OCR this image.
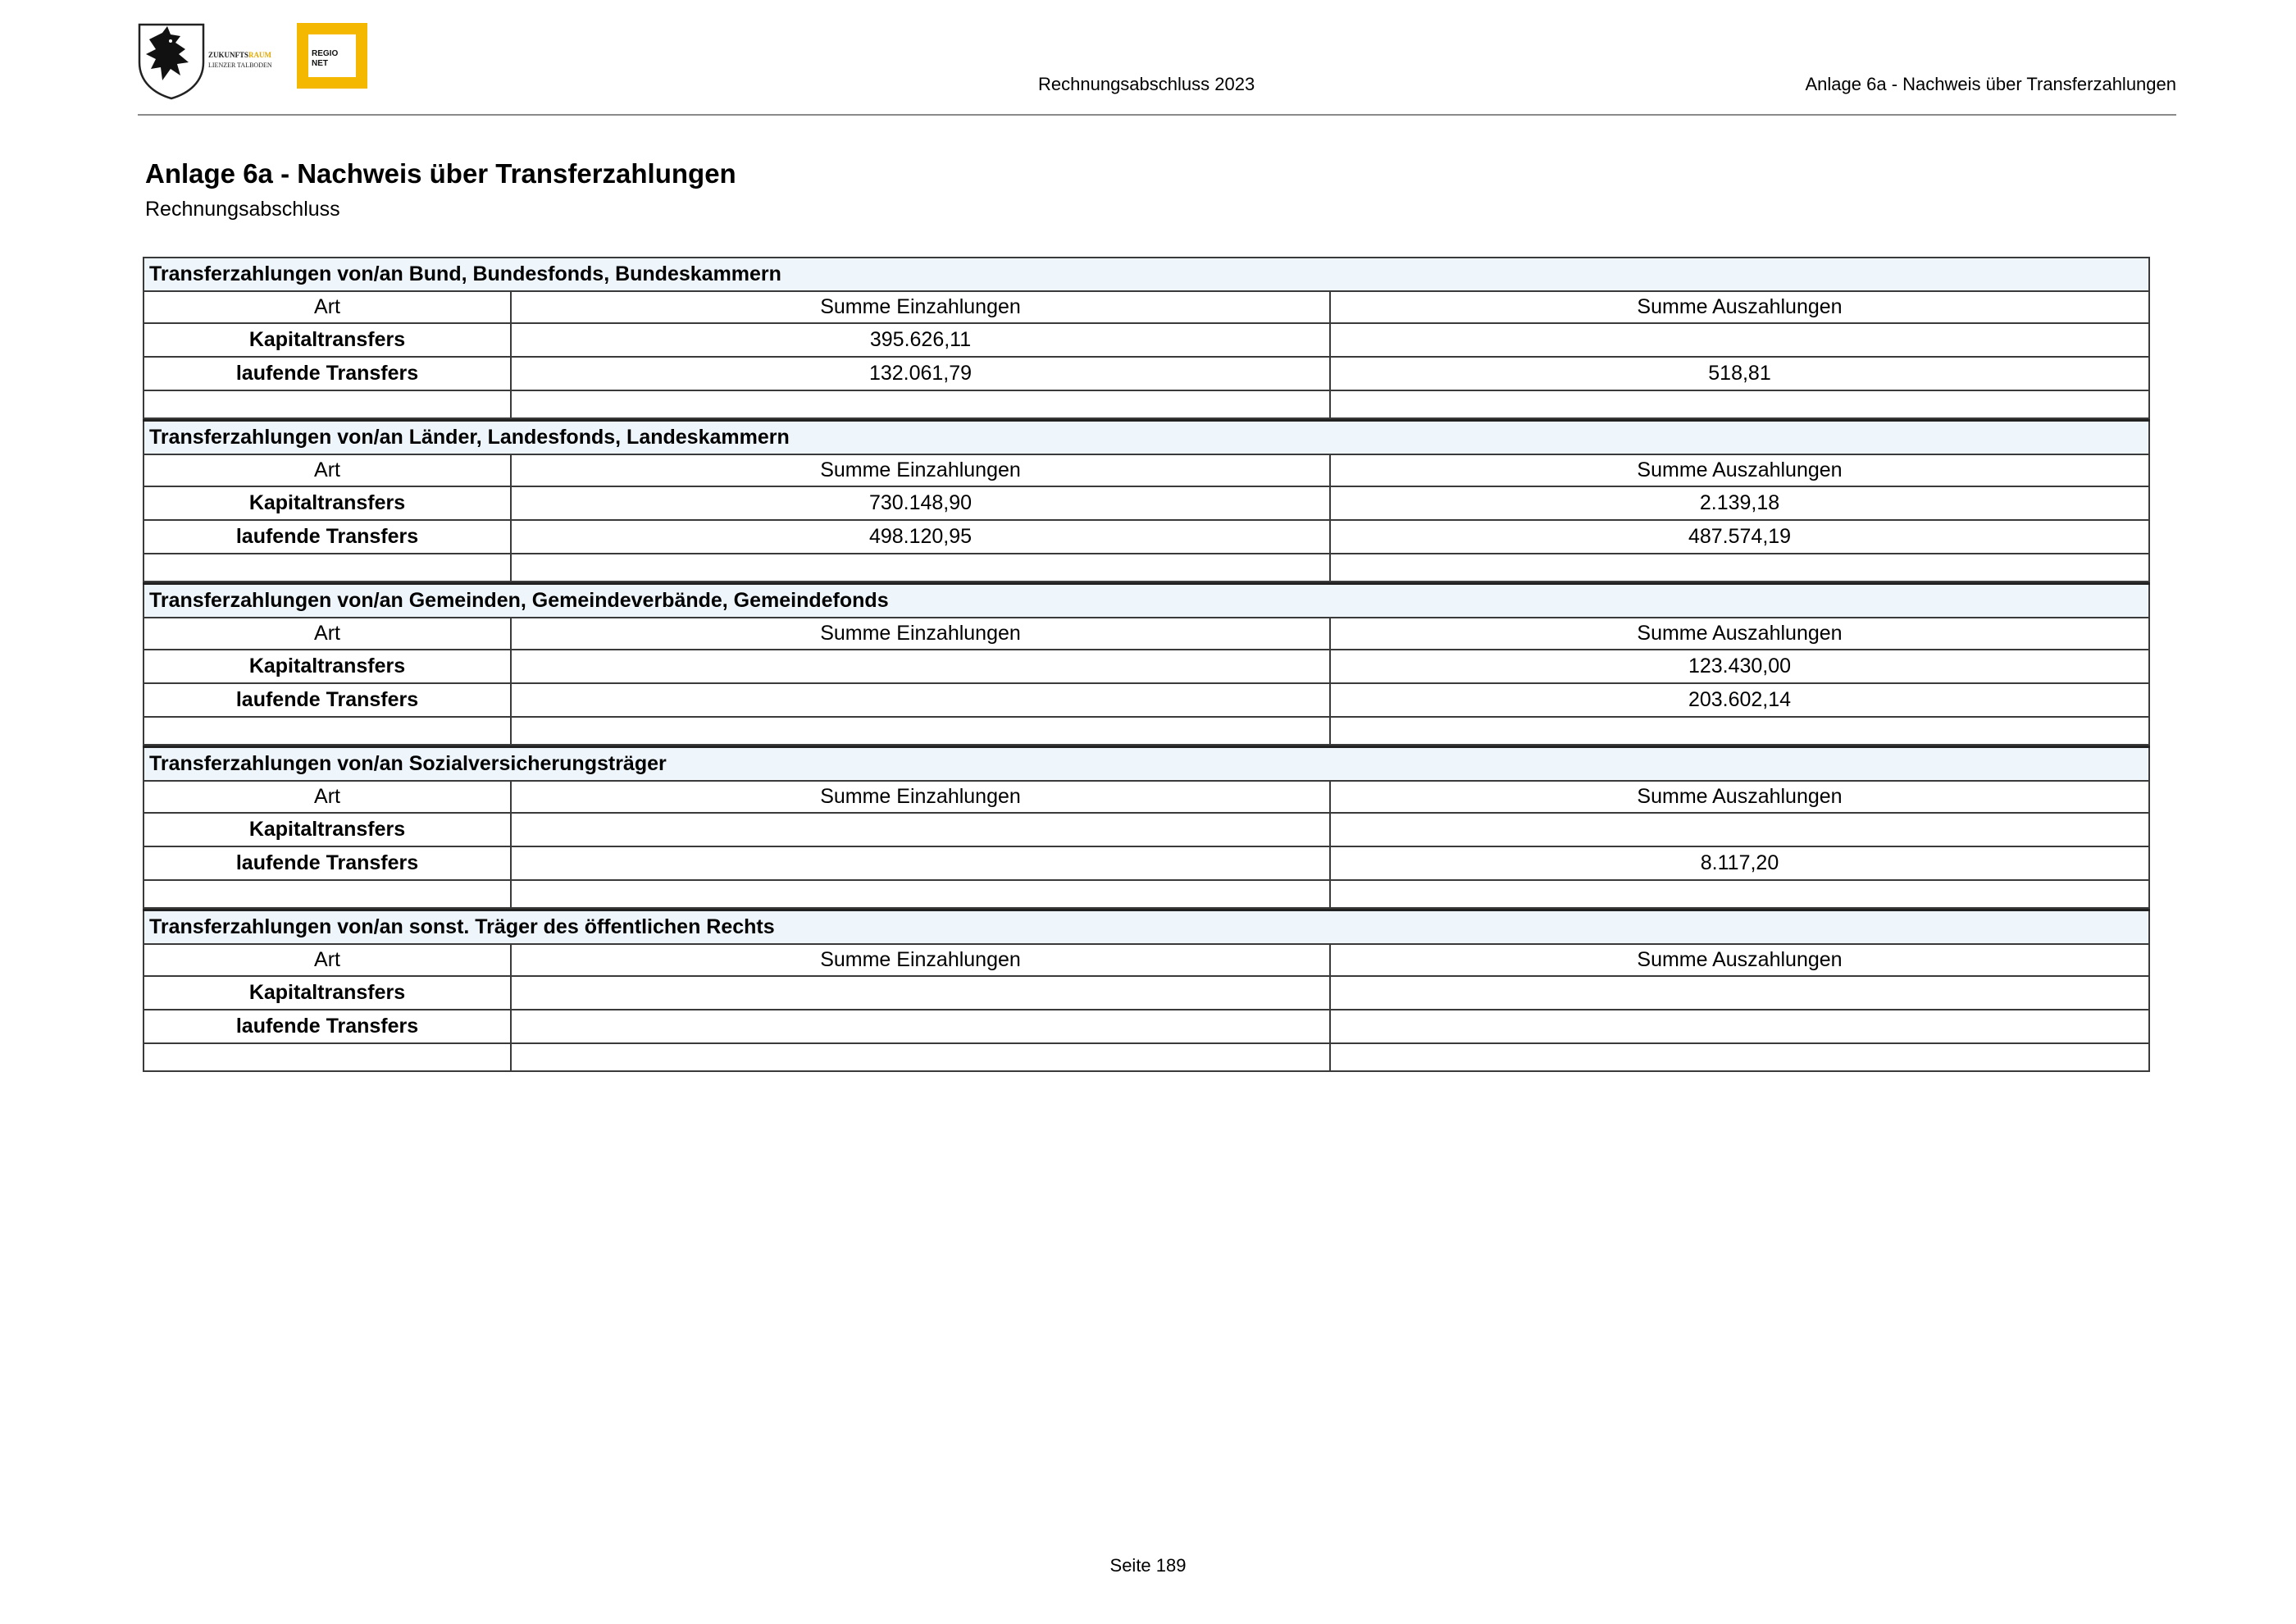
ZUKUNFTSRAUM
LIENZER TALBODEN
REGIO
NET
Rechnungsabschluss 2023	Anlage 6a - Nachweis über Transferzahlungen
Anlage 6a - Nachweis über Transferzahlungen
Rechnungsabschluss
Transferzahlungen von/an Bund, Bundesfonds, Bundeskammern		
Art	Summe Einzahlungen	Summe Auszahlungen
Kapitaltransfers	395.626,11	
laufende Transfers	132.061,79	518,81

Transferzahlungen von/an Länder, Landesfonds, Landeskammern		
Art	Summe Einzahlungen	Summe Auszahlungen
Kapitaltransfers	730.148,90	2.139,18
laufende Transfers	498.120,95	487.574,19

Transferzahlungen von/an Gemeinden, Gemeindeverbände, Gemeindefonds		
Art	Summe Einzahlungen	Summe Auszahlungen
Kapitaltransfers		123.430,00
laufende Transfers		203.602,14

Transferzahlungen von/an Sozialversicherungsträger		
Art	Summe Einzahlungen	Summe Auszahlungen
Kapitaltransfers		
laufende Transfers		8.117,20

Transferzahlungen von/an sonst. Träger des öffentlichen Rechts		
Art	Summe Einzahlungen	Summe Auszahlungen
Kapitaltransfers		
laufende Transfers		

Seite 189
